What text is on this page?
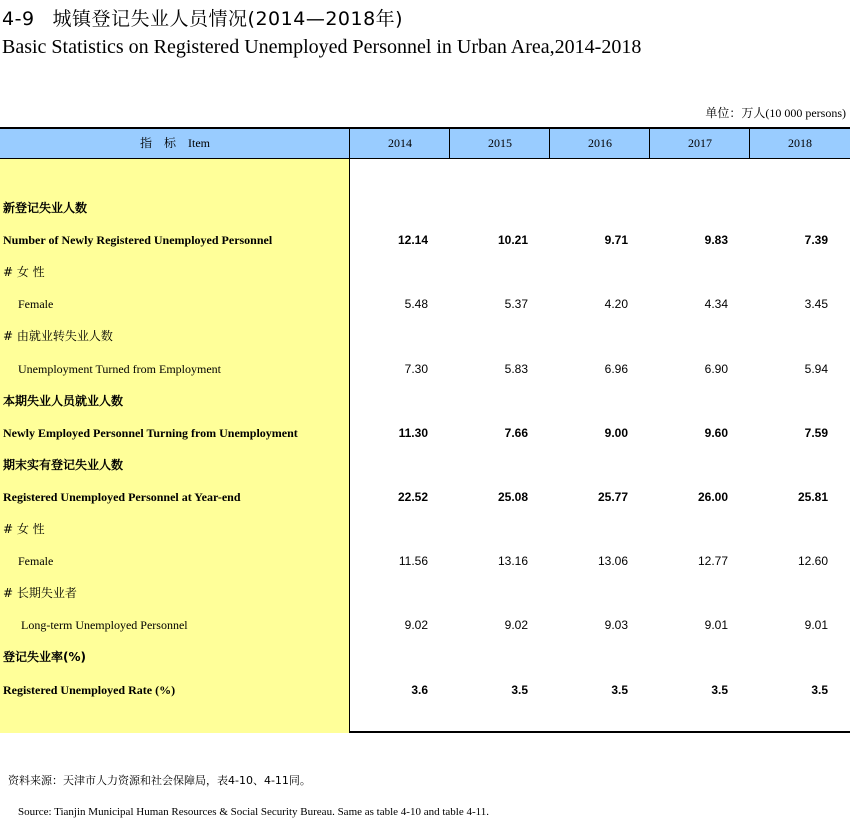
4-9 城镇登记失业人员情况(2014—2018年)
Basic Statistics on Registered Unemployed Personnel in Urban Area,2014-2018
单位：万人(10 000 persons)
指　标　Item	2014	2015	2016	2017	2018
新登记失业人数
Number of Newly Registered Unemployed Personnel	12.14	10.21	9.71	9.83	7.39
# 女 性
Female	5.48	5.37	4.20	4.34	3.45
# 由就业转失业人数
Unemployment Turned from Employment	7.30	5.83	6.96	6.90	5.94
本期失业人员就业人数
Newly Employed Personnel Turning from Unemployment	11.30	7.66	9.00	9.60	7.59
期末实有登记失业人数
Registered Unemployed Personnel at Year-end	22.52	25.08	25.77	26.00	25.81
# 女 性
Female	11.56	13.16	13.06	12.77	12.60
# 长期失业者
Long-term Unemployed Personnel	9.02	9.02	9.03	9.01	9.01
登记失业率(%)
Registered Unemployed Rate (%)	3.6	3.5	3.5	3.5	3.5
资料来源：天津市人力资源和社会保障局，表4-10、4-11同。
Source: Tianjin Municipal Human Resources & Social Security Bureau. Same as table 4-10 and table 4-11.
